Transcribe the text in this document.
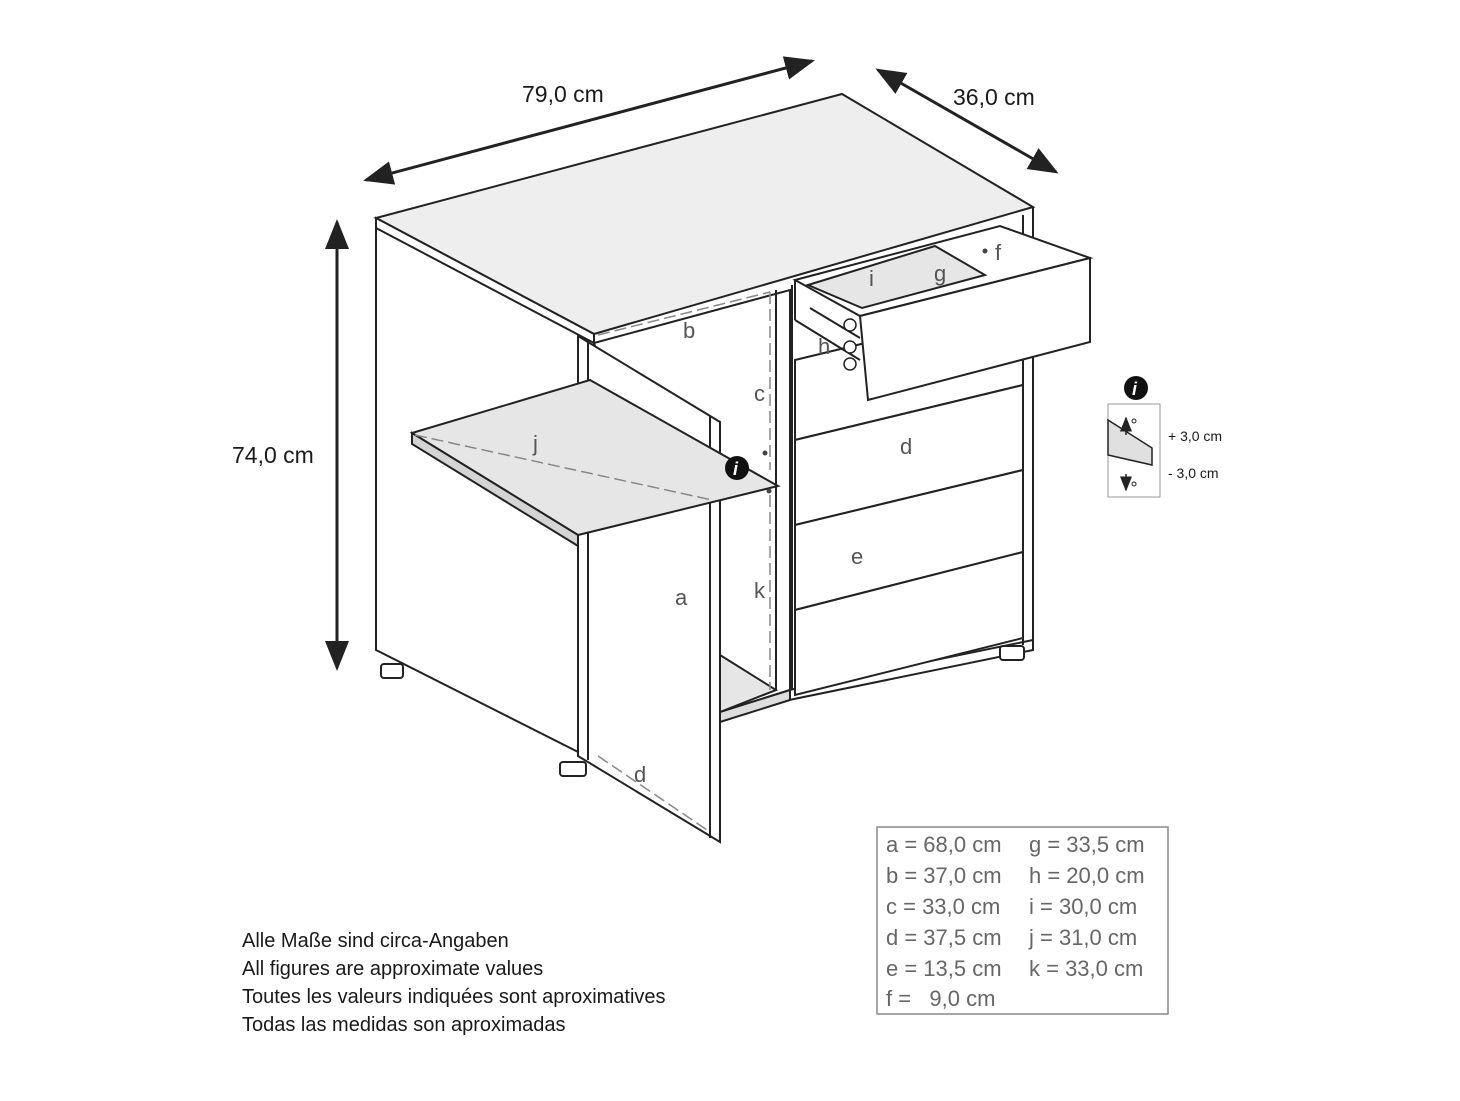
79,0 cm	36,0 cm
74,0 cm
b
c
j
a	k
d
d
e
f
g
i
h
i
i
+ 3,0 cm
- 3,0 cm
a = 68,0 cm g = 33,5 cm
b = 37,0 cm h = 20,0 cm
c = 33,0 cm i = 30,0 cm
d = 37,5 cm j = 31,0 cm
e = 13,5 cm k = 33,0 cm
f =   9,0 cm
Alle Maße sind circa-Angaben
All figures are approximate values
Toutes les valeurs indiquées sont aproximatives
Todas las medidas son aproximadas
